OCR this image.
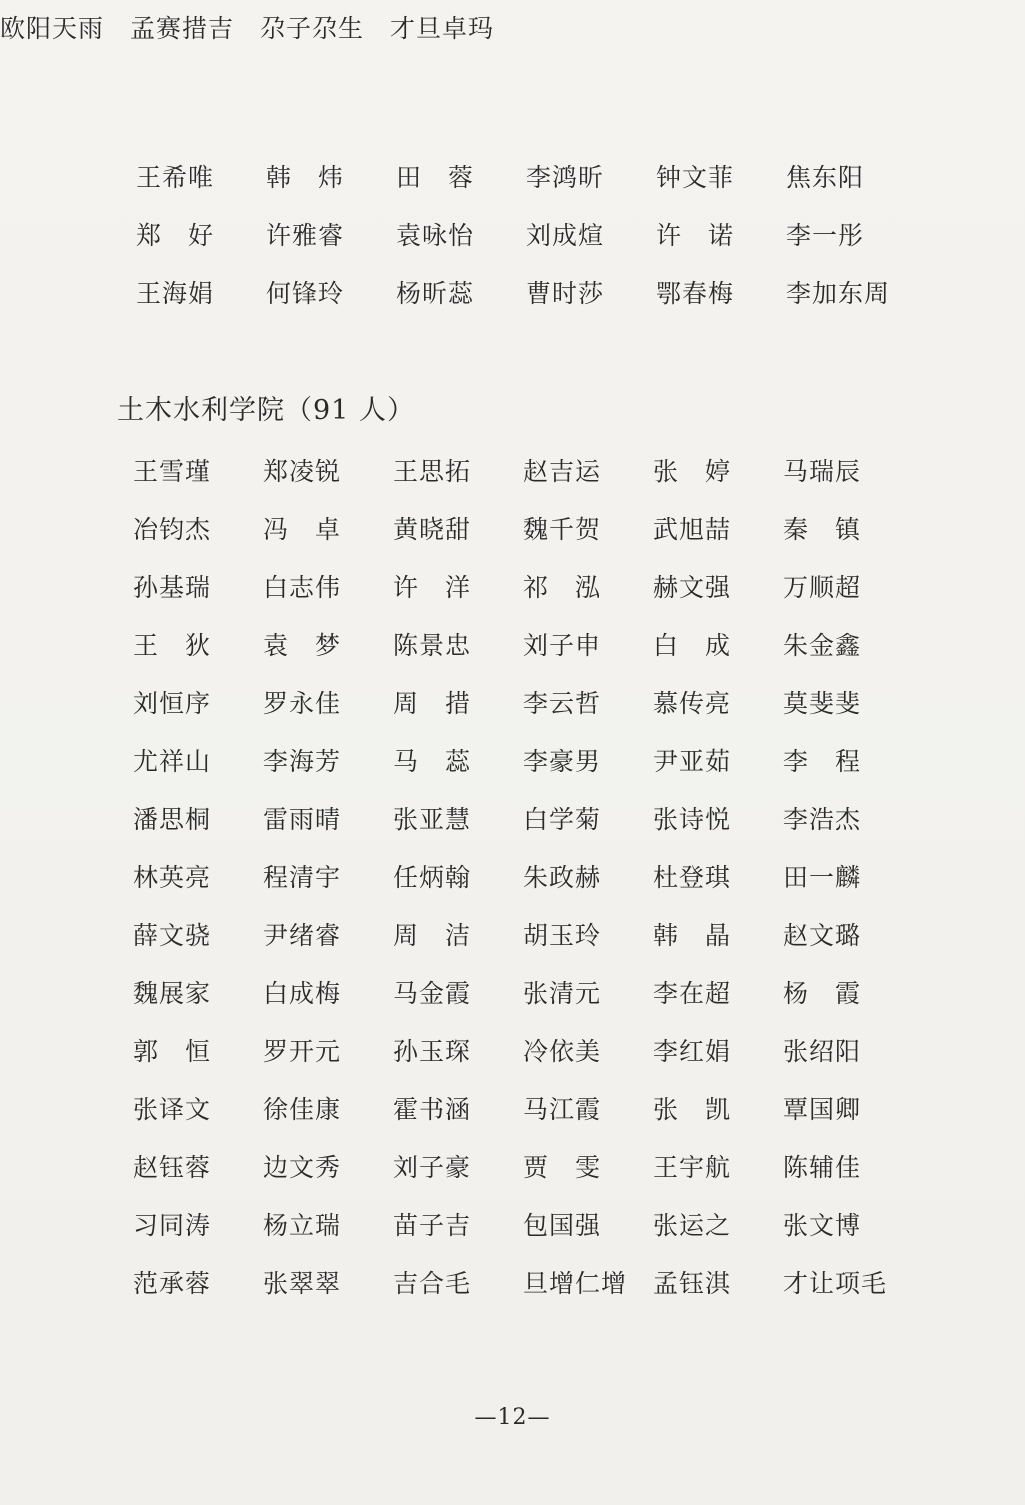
王希唯	韩　炜	田　蓉	李鸿昕	钟文菲	焦东阳
郑　好	许雅睿	袁咏怡	刘成煊	许　诺	李一彤
王海娟	何锋玲	杨昕蕊	曹时莎	鄂春梅	李加东周
欧阳天雨	孟赛措吉	尕子尕生	才旦卓玛
土木水利学院（91 人）
王雪瑾	郑凌锐	王思拓	赵吉运	张　婷	马瑞辰
冶钧杰	冯　卓	黄晓甜	魏千贺	武旭喆	秦　镇
孙基瑞	白志伟	许　洋	祁　泓	赫文强	万顺超
王　狄	袁　梦	陈景忠	刘子申	白　成	朱金鑫
刘恒序	罗永佳	周　措	李云哲	慕传亮	莫斐斐
尤祥山	李海芳	马　蕊	李豪男	尹亚茹	李　程
潘思桐	雷雨晴	张亚慧	白学菊	张诗悦	李浩杰
林英亮	程清宇	任炳翰	朱政赫	杜登琪	田一麟
薛文骁	尹绪睿	周　洁	胡玉玲	韩　晶	赵文璐
魏展家	白成梅	马金霞	张清元	李在超	杨　霞
郭　恒	罗开元	孙玉琛	冷依美	李红娟	张绍阳
张译文	徐佳康	霍书涵	马江霞	张　凯	覃国卿
赵钰蓉	边文秀	刘子豪	贾　雯	王宇航	陈辅佳
习同涛	杨立瑞	苗子吉	包国强	张运之	张文博
范承蓉	张翠翠	吉合毛	旦增仁增	孟钰淇	才让项毛
—12—
